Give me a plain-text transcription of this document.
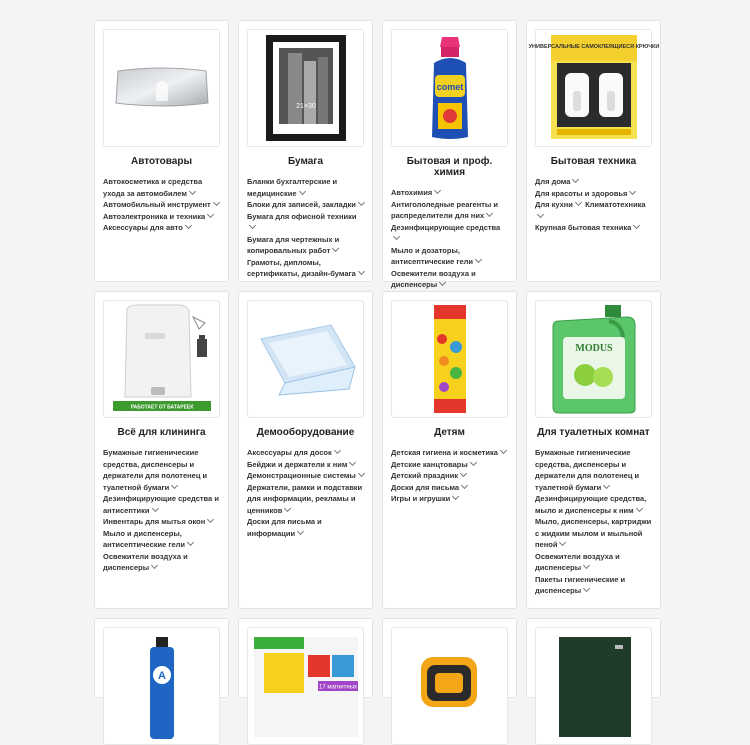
Автотовары
Автокосметика и средства ухода за автомобилем
Автомобильный инструмент
Автоэлектроника и техника
Аксессуары для авто
21×30
Бумага
Бланки бухгалтерские и медицинские
Блоки для записей, закладки
Бумага для офисной техники
Бумага для чертежных и копировальных работ
Грамоты, дипломы, сертификаты, дизайн-бумага
comet
Бытовая и проф. химия
Автохимия
Антигололедные реагенты и распределители для них
Дезинфицирующие средства
Мыло и дозаторы, антисептические гели
Освежители воздуха и диспенсеры
УНИВЕРСАЛЬНЫЕ САМОКЛЕЯЩИЕСЯ КРЮЧКИ
Бытовая техника
Для дома
Для красоты и здоровья
Для кухни Климатотехника
Крупная бытовая техника
РАБОТАЕТ ОТ БАТАРЕЕК
Всё для клининга
Бумажные гигиенические средства, диспенсеры и держатели для полотенец и туалетной бумаги
Дезинфицирующие средства и антисептики
Инвентарь для мытья окон
Мыло и диспенсеры, антисептические гели
Освежители воздуха и диспенсеры
Демооборудование
Аксессуары для досок
Бейджи и держатели к ним
Демонстрационные системы
Держатели, рамки и подставки для информации, рекламы и ценников
Доски для письма и информации
Детям
Детская гигиена и косметика
Детские канцтовары
Детский праздник
Доски для письма
Игры и игрушки
MODUS
Для туалетных комнат
Бумажные гигиенические средства, диспенсеры и держатели для полотенец и туалетной бумаги
Дезинфицирующие средства, мыло и диспенсеры к ним
Мыло, диспенсеры, картриджи с жидким мылом и мыльной пеной
Освежители воздуха и диспенсеры
Пакеты гигиенические и диспенсеры
A
17 магнитных
